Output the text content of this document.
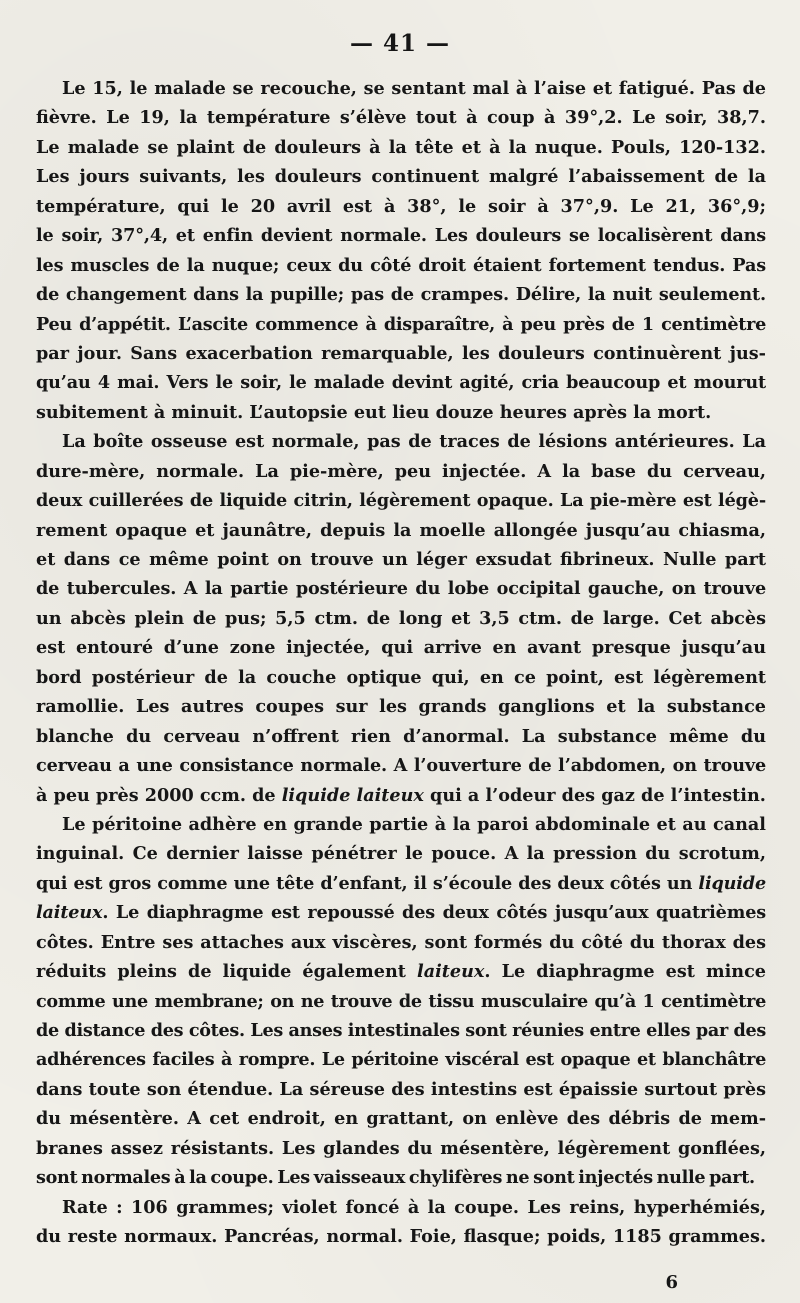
— 41 —
Le 15, le malade se recouche, se sentant mal à l’aise et fatigué. Pas de
fièvre. Le 19, la température s’élève tout à coup à 39°,2. Le soir, 38,7.
Le malade se plaint de douleurs à la tête et à la nuque. Pouls, 120-132.
Les jours suivants, les douleurs continuent malgré l’abaissement de la
température, qui le 20 avril est à 38°, le soir à 37°,9. Le 21, 36°,9;
le soir, 37°,4, et enfin devient normale. Les douleurs se localisèrent dans
les muscles de la nuque; ceux du côté droit étaient fortement tendus. Pas
de changement dans la pupille; pas de crampes. Délire, la nuit seulement.
Peu d’appétit. L’ascite commence à disparaître, à peu près de 1 centimètre
par jour. Sans exacerbation remarquable, les douleurs continuèrent jus-
qu’au 4 mai. Vers le soir, le malade devint agité, cria beaucoup et mourut
subitement à minuit. L’autopsie eut lieu douze heures après la mort.
La boîte osseuse est normale, pas de traces de lésions antérieures. La
dure-mère, normale. La pie-mère, peu injectée. A la base du cerveau,
deux cuillerées de liquide citrin, légèrement opaque. La pie-mère est légè-
rement opaque et jaunâtre, depuis la moelle allongée jusqu’au chiasma,
et dans ce même point on trouve un léger exsudat fibrineux. Nulle part
de tubercules. A la partie postérieure du lobe occipital gauche, on trouve
un abcès plein de pus; 5,5 ctm. de long et 3,5 ctm. de large. Cet abcès
est entouré d’une zone injectée, qui arrive en avant presque jusqu’au
bord postérieur de la couche optique qui, en ce point, est légèrement
ramollie. Les autres coupes sur les grands ganglions et la substance
blanche du cerveau n’offrent rien d’anormal. La substance même du
cerveau a une consistance normale. A l’ouverture de l’abdomen, on trouve
à peu près 2000 ccm. de liquide laiteux qui a l’odeur des gaz de l’intestin.
Le péritoine adhère en grande partie à la paroi abdominale et au canal
inguinal. Ce dernier laisse pénétrer le pouce. A la pression du scrotum,
qui est gros comme une tête d’enfant, il s’écoule des deux côtés un liquide
laiteux. Le diaphragme est repoussé des deux côtés jusqu’aux quatrièmes
côtes. Entre ses attaches aux viscères, sont formés du côté du thorax des
réduits pleins de liquide également laiteux. Le diaphragme est mince
comme une membrane; on ne trouve de tissu musculaire qu’à 1 centimètre
de distance des côtes. Les anses intestinales sont réunies entre elles par des
adhérences faciles à rompre. Le péritoine viscéral est opaque et blanchâtre
dans toute son étendue. La séreuse des intestins est épaissie surtout près
du mésentère. A cet endroit, en grattant, on enlève des débris de mem-
branes assez résistants. Les glandes du mésentère, légèrement gonflées,
sont normales à la coupe. Les vaisseaux chylifères ne sont injectés nulle part.
Rate : 106 grammes; violet foncé à la coupe. Les reins, hyperhémiés,
du reste normaux. Pancréas, normal. Foie, flasque; poids, 1185 grammes.
6
